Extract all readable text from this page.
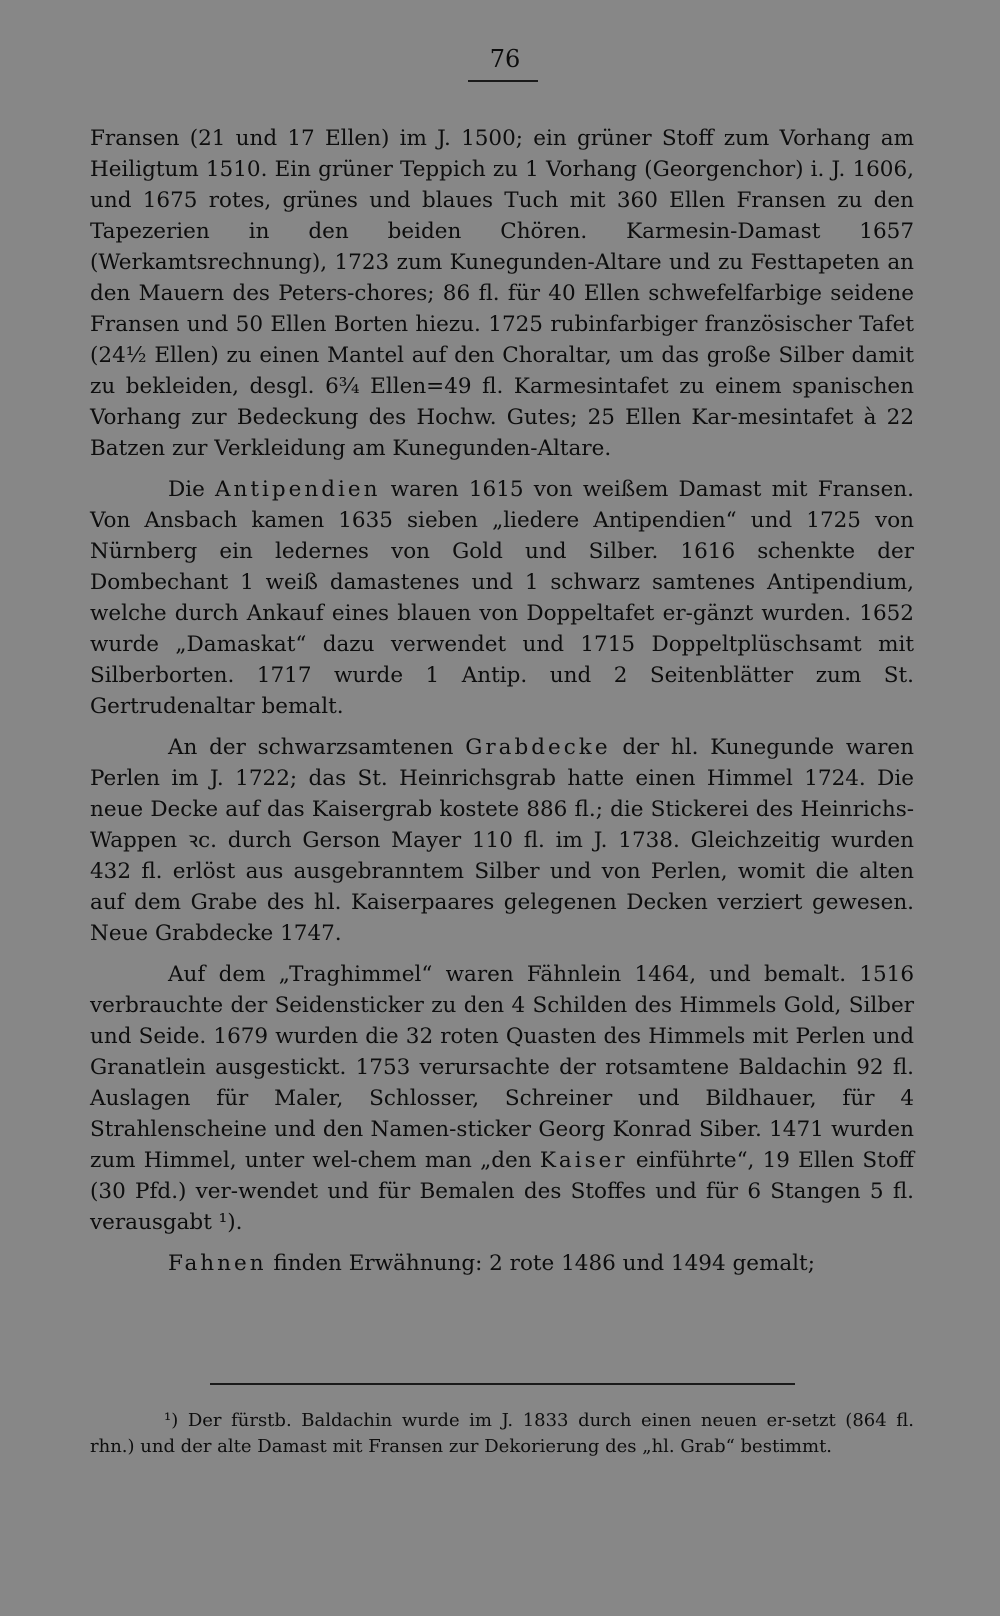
76

Fransen (21 und 17 Ellen) im J. 1500; ein grüner Stoff zum Vorhang am Heiligtum 1510. Ein grüner Teppich zu 1 Vorhang (Georgenchor) i. J. 1606, und 1675 rotes, grünes und blaues Tuch mit 360 Ellen Fransen zu den Tapezerien in den beiden Chören. Karmesin-Damast 1657 (Werkamtsrechnung), 1723 zum Kunegunden-Altare und zu Festtapeten an den Mauern des Peters-chores; 86 fl. für 40 Ellen schwefelfarbige seidene Fransen und 50 Ellen Borten hiezu. 1725 rubinfarbiger französischer Tafet (24½ Ellen) zu einen Mantel auf den Choraltar, um das große Silber damit zu bekleiden, desgl. 6¾ Ellen=49 fl. Karmesintafet zu einem spanischen Vorhang zur Bedeckung des Hochw. Gutes; 25 Ellen Kar-mesintafet à 22 Batzen zur Verkleidung am Kunegunden-Altare.

Die Antipendien waren 1615 von weißem Damast mit Fransen. Von Ansbach kamen 1635 sieben „liedere Antipendien“ und 1725 von Nürnberg ein ledernes von Gold und Silber. 1616 schenkte der Dombechant 1 weiß damastenes und 1 schwarz samtenes Antipendium, welche durch Ankauf eines blauen von Doppeltafet er-gänzt wurden. 1652 wurde „Damaskat“ dazu verwendet und 1715 Doppeltplüschsamt mit Silberborten. 1717 wurde 1 Antip. und 2 Seitenblätter zum St. Gertrudenaltar bemalt.

An der schwarzsamtenen Grabdecke der hl. Kunegunde waren Perlen im J. 1722; das St. Heinrichsgrab hatte einen Himmel 1724. Die neue Decke auf das Kaisergrab kostete 886 fl.; die Stickerei des Heinrichs-Wappen ꝛc. durch Gerson Mayer 110 fl. im J. 1738. Gleichzeitig wurden 432 fl. erlöst aus ausgebranntem Silber und von Perlen, womit die alten auf dem Grabe des hl. Kaiserpaares gelegenen Decken verziert gewesen. Neue Grabdecke 1747.

Auf dem „Traghimmel“ waren Fähnlein 1464, und bemalt. 1516 verbrauchte der Seidensticker zu den 4 Schilden des Himmels Gold, Silber und Seide. 1679 wurden die 32 roten Quasten des Himmels mit Perlen und Granatlein ausgestickt. 1753 verursachte der rotsamtene Baldachin 92 fl. Auslagen für Maler, Schlosser, Schreiner und Bildhauer, für 4 Strahlenscheine und den Namen-sticker Georg Konrad Siber. 1471 wurden zum Himmel, unter wel-chem man „den Kaiser einführte“, 19 Ellen Stoff (30 Pfd.) ver-wendet und für Bemalen des Stoffes und für 6 Stangen 5 fl. verausgabt ¹).

Fahnen finden Erwähnung: 2 rote 1486 und 1494 gemalt;

¹) Der fürstb. Baldachin wurde im J. 1833 durch einen neuen er-setzt (864 fl. rhn.) und der alte Damast mit Fransen zur Dekorierung des „hl. Grab“ bestimmt.
